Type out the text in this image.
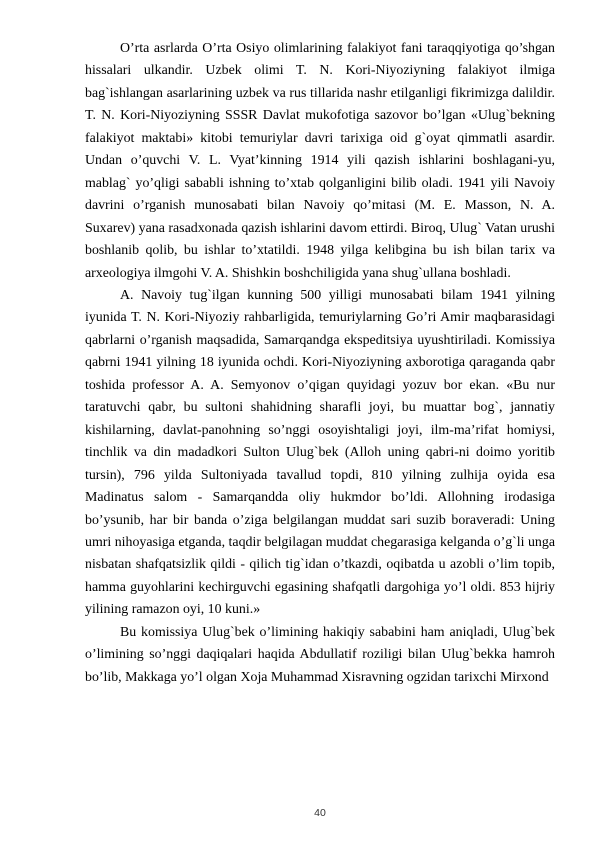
O’rta asrlarda O’rta Osiyo olimlarining falakiyot fani taraqqiyotiga qo’shgan hissalari ulkandir. Uzbek olimi T. N. Kori-Niyoziyning falakiyot ilmiga bag`ishlangan asarlarining uzbek va rus tillarida nashr etilganligi fikrimizga dalildir. T. N. Kori-Niyoziyning SSSR Davlat mukofotiga sazovor bo’lgan «Ulug`bekning falakiyot maktabi» kitobi temuriylar davri tarixiga oid g`oyat qimmatli asardir. Undan o’quvchi V. L. Vyat’kinning 1914 yili qazish ishlarini boshlagani-yu, mablag` yo’qligi sababli ishning to’xtab qolganligini bilib oladi. 1941 yili Navoiy davrini o’rganish munosabati bilan Navoiy qo’mitasi (M. E. Masson, N. A. Suxarev) yana rasadxonada qazish ishlarini davom ettirdi. Biroq, Ulug` Vatan urushi boshlanib qolib, bu ishlar to’xtatildi. 1948 yilga kelibgina bu ish bilan tarix va arxeologiya ilmgohi V. A. Shishkin boshchiligida yana shug`ullana boshladi.

A. Navoiy tug`ilgan kunning 500 yilligi munosabati bilam 1941 yilning iyunida T. N. Kori-Niyoziy rahbarligida, temuriylarning Go’ri Amir maqbarasidagi qabrlarni o’rganish maqsadida, Samarqandga ekspeditsiya uyushtiriladi. Komissiya qabrni 1941 yilning 18 iyunida ochdi. Kori-Niyoziyning axborotiga qaraganda qabr toshida professor A. A. Semyonov o’qigan quyidagi yozuv bor ekan. «Bu nur taratuvchi qabr, bu sultoni shahidning sharafli joyi, bu muattar bog`, jannatiy kishilarning, davlat-panohning so’nggi osoyishtaligi joyi, ilm-ma’rifat homiysi, tinchlik va din madadkori Sulton Ulug`bek (Alloh uning qabri-ni doimo yoritib tursin), 796 yilda Sultoniyada tavallud topdi, 810 yilning zulhija oyida esa Madinatus salom - Samarqandda oliy hukmdor bo’ldi. Allohning irodasiga bo’ysunib, har bir banda o’ziga belgilangan muddat sari suzib boraveradi: Uning umri nihoyasiga etganda, taqdir belgilagan muddat chegarasiga kelganda o’g`li unga nisbatan shafqatsizlik qildi - qilich tig`idan o’tkazdi, oqibatda u azobli o’lim topib, hamma guyohlarini kechirguvchi egasining shafqatli dargohiga yo’l oldi. 853 hijriy yilining ramazon oyi, 10 kuni.»

Bu komissiya Ulug`bek o’limining hakiqiy sababini ham aniqladi, Ulug`bek o’limining so’nggi daqiqalari haqida Abdullatif roziligi bilan Ulug`bekka hamroh bo’lib, Makkaga yo’l olgan Xoja Muhammad Xisravning ogzidan tarixchi Mirxond

40
